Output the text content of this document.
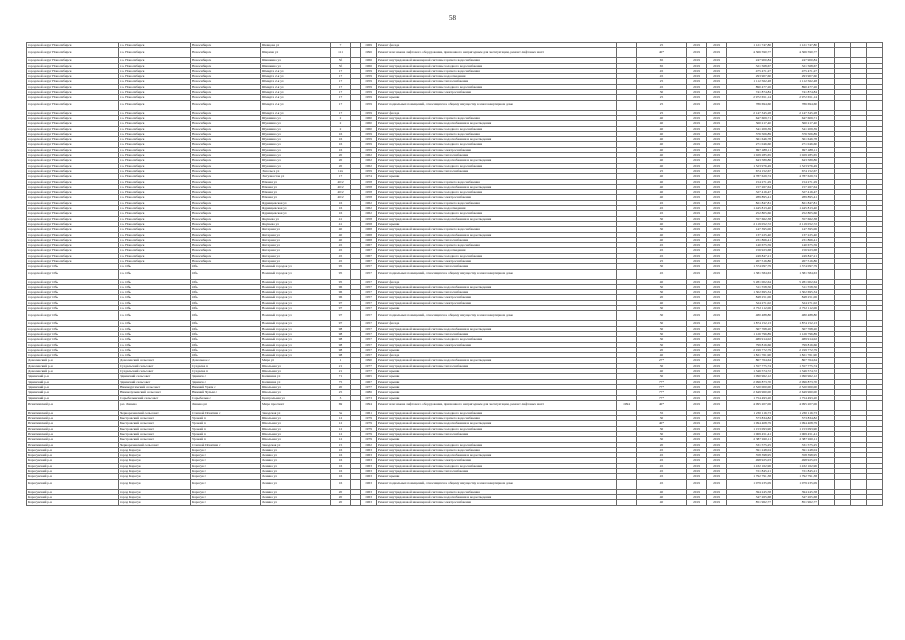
58
городской округ Новосибирск	г.о. Новосибирск	Новосибирск	Шевцова ул	7		1969	Ремонт фасада		25	2019	2019	1 121 747,80	1 121 747,80				
городской округ Новосибирск	г.о. Новосибирск	Новосибирск	Ширина ул	111		1996	Ремонт или замена лифтового оборудования, признанного непригодным для эксплуатации, ремонт лифтовых шахт		40*	2019	2019	4 366 590,77	4 366 590,77				
городской округ Новосибирск	г.о. Новосибирск	Новосибирск	Шишкина ул	5б		1966	Ремонт внутридомовой инженерной системы горячего водоснабжения		65	2019	2019	247 900,84	247 900,84				
городской округ Новосибирск	г.о. Новосибирск	Новосибирск	Шишкина ул	5б		1966	Ремонт внутридомовой инженерной системы холодного водоснабжения		65	2019	2019	321 568,67	321 568,67				
городской округ Новосибирск	г.о. Новосибирск	Новосибирск	Шмидта 2-я ул	17		1959	Ремонт внутридомовой инженерной системы горячего водоснабжения		45	2019	2019	475 471,27	475 471,27				
городской округ Новосибирск	г.о. Новосибирск	Новосибирск	Шмидта 2-я ул	17		1959	Ремонт внутридомовой инженерной системы водоотведения		45	2019	2019	293 907,60	293 907,60				
городской округ Новосибирск	г.о. Новосибирск	Новосибирск	Шмидта 2-я ул	17		1959	Ремонт внутридомовой инженерной системы теплоснабжения		25	2019	2019	1 112 562,48	1 112 562,48				
городской округ Новосибирск	г.о. Новосибирск	Новосибирск	Шмидта 2-я ул	17		1959	Ремонт внутридомовой инженерной системы холодного водоснабжения		45	2019	2019	890 477,26	890 477,26				
городской округ Новосибирск	г.о. Новосибирск	Новосибирск	Шмидта 2-я ул	17		1959	Ремонт внутридомовой инженерной системы электроснабжения		30	2019	2019	741 874,84	741 874,84				
городской округ Новосибирск	г.о. Новосибирск	Новосибирск	Шмидта 2-я ул	17		1959	Ремонт крыши		25	2019	2019	2 972 651,14	2 972 651,14				
городской округ Новосибирск	г.о. Новосибирск	Новосибирск	Шмидта 2-я ул	17		1959	Ремонт подвальных помещений, относящихся к общему имуществу в многоквартирном доме		25	2019	2019	786 694,60	786 694,60				
городской округ Новосибирск	г.о. Новосибирск	Новосибирск	Шмидта 2-я ул	17		1959	Ремонт фасада		25	2019	2019	2 147 345,28	2 147 345,28				
городской округ Новосибирск	г.о. Новосибирск	Новосибирск	Шукшина ул	2		1960	Ремонт внутридомовой инженерной системы горячего водоснабжения		40	2019	2019	647 609,71	647 609,71				
городской округ Новосибирск	г.о. Новосибирск	Новосибирск	Шукшина ул	2		1960	Ремонт внутридомовой инженерной системы водоснабжения и водоотведения		40	2019	2019	560 217,40	560 217,40				
городской округ Новосибирск	г.о. Новосибирск	Новосибирск	Шукшина ул	2		1960	Ремонт внутридомовой инженерной системы холодного водоснабжения		40	2019	2019	541 209,39	541 209,39				
городской округ Новосибирск	г.о. Новосибирск	Новосибирск	Шукшина ул	16		1959	Ремонт внутридомовой инженерной системы горячего водоснабжения		40	2019	2019	376 506,89	376 506,89				
городской округ Новосибирск	г.о. Новосибирск	Новосибирск	Шукшина ул	16		1959	Ремонт внутридомовой инженерной системы водоснабжения и водоотведения		40	2019	2019	361 646,78	361 646,78				
городской округ Новосибирск	г.о. Новосибирск	Новосибирск	Шукшина ул	16		1959	Ремонт внутридомовой инженерной системы холодного водоснабжения		40	2019	2019	271 046,60	271 046,60				
городской округ Новосибирск	г.о. Новосибирск	Новосибирск	Шукшина ул	16		1959	Ремонт внутридомовой инженерной системы электроснабжения		40	2019	2019	697 488,11	697 488,11				
городской округ Новосибирск	г.о. Новосибирск	Новосибирск	Шукшина ул	20		1962	Ремонт внутридомовой инженерной системы теплоснабжения		40	2019	2019	1 029 285,65	1 029 285,65				
городской округ Новосибирск	г.о. Новосибирск	Новосибирск	Шукшина ул	20		1962	Ремонт внутридомовой инженерной системы водоснабжения и водоотведения		40	2019	2019	643 589,86	643 589,86				
городской округ Новосибирск	г.о. Новосибирск	Новосибирск	Шукшина ул	20		1962	Ремонт внутридомовой инженерной системы холодного водоснабжения		40	2019	2019	1 523 976,49	1 523 976,49				
городской округ Новосибирск	г.о. Новосибирск	Новосибирск	Энгельса ул	12а		1959	Ремонт внутридомовой инженерной системы теплоснабжения		25	2019	2019	674 152,67	674 152,67				
городской округ Новосибирск	г.о. Новосибирск	Новосибирск	Энтузиастов ул	17		1974	Ремонт крыши		40	2019	2019	4 787 629,74	4 787 629,74				
городской округ Новосибирск	г.о. Новосибирск	Новосибирск	Южная ул	40/2		1958	Ремонт внутридомовой инженерной системы горячего водоснабжения		40	2019	2019	154 271,29	154 271,29				
городской округ Новосибирск	г.о. Новосибирск	Новосибирск	Южная ул	40/2		1958	Ремонт внутридомовой инженерной системы водоснабжения и водоотведения		40	2019	2019	157 267,64	157 267,64				
городской округ Новосибирск	г.о. Новосибирск	Новосибирск	Южная ул	40/2		1958	Ремонт внутридомовой инженерной системы холодного водоснабжения		40	2019	2019	327 416,47	327 416,47				
городской округ Новосибирск	г.о. Новосибирск	Новосибирск	Южная ул	40/2		1958	Ремонт внутридомовой инженерной системы электроснабжения		40	2019	2019	289 895,41	289 895,41				
городской округ Новосибирск	г.о. Новосибирск	Новосибирск	Ядринцевская ул	16		1962	Ремонт внутридомовой инженерной системы горячего водоснабжения		45	2019	2019	821 847,81	821 847,81				
городской округ Новосибирск	г.о. Новосибирск	Новосибирск	Ядринцевская ул	16		1962	Ремонт внутридомовой инженерной системы водоотведения		45	2019	2019	1 445 813,40	1 445 813,40				
городской округ Новосибирск	г.о. Новосибирск	Новосибирск	Ядринцевская ул	16		1962	Ремонт внутридомовой инженерной системы холодного водоснабжения		45	2019	2019	252 805,66	252 805,66				
городской округ Новосибирск	г.о. Новосибирск	Новосибирск	Якушева ул	41		1958	Ремонт внутридомовой инженерной системы водоснабжения и водоотведения		30	2019	2019	357 662,38	357 662,38				
городской округ Новосибирск	г.о. Новосибирск	Новосибирск	Якушева ул	41		1958	Ремонт крыши		40	2019	2019	2 119 052,72	2 119 052,72				
городской округ Новосибирск	г.о. Новосибирск	Новосибирск	Янтарная ул	40		1968	Ремонт внутридомовой инженерной системы горячего водоснабжения		30	2019	2019	147 395,06	147 395,06				
городской округ Новосибирск	г.о. Новосибирск	Новосибирск	Янтарная ул	40		1968	Ремонт внутридомовой инженерной системы водоснабжения и водоотведения		40	2019	2019	137 225,40	137 225,40				
городской округ Новосибирск	г.о. Новосибирск	Новосибирск	Янтарная ул	40		1968	Ремонт внутридомовой инженерной системы теплоснабжения		40	2019	2019	231 866,41	231 866,41				
городской округ Новосибирск	г.о. Новосибирск	Новосибирск	Янтарная ул	45		1967	Ремонт внутридомовой инженерной системы горячего водоснабжения		45	2019	2019	140 675,59	140 675,59				
городской округ Новосибирск	г.о. Новосибирск	Новосибирск	Янтарная ул	45		1967	Ремонт внутридомовой инженерной системы водоотведения		45	2019	2019	156 923,68	156 923,68				
городской округ Новосибирск	г.о. Новосибирск	Новосибирск	Янтарная ул	45		1967	Ремонт внутридомовой инженерной системы холодного водоснабжения		45	2019	2019	249 847,21	249 847,21				
городской округ Новосибирск	г.о. Новосибирск	Новосибирск	Янтарная ул	45		1967	Ремонт внутридомовой инженерной системы электроснабжения		25	2019	2019	267 516,86	267 516,86				
городской округ Обь	г.о. Обь	Обь	Военный городок ул	95		1957	Ремонт внутридомовой инженерной системы теплоснабжения		30	2019	2019	1 374 097,79	1 374 097,79				
городской округ Обь	г.о. Обь	Обь	Военный городок ул	95		1957	Ремонт подвальных помещений, относящихся к общему имуществу в многоквартирном доме		45	2019	2019	1 381 584,63	1 381 584,63				
городской округ Обь	г.о. Обь	Обь	Военный городок ул	95		1957	Ремонт фасада		40	2019	2019	5 281 002,64	5 281 002,64				
городской округ Обь	г.о. Обь	Обь	Военный городок ул	96		1957	Ремонт внутридомовой инженерной системы водоснабжения и водоотведения		50	2019	2019	511 558,56	511 558,56				
городской округ Обь	г.о. Обь	Обь	Военный городок ул	96		1957	Ремонт внутридомовой инженерной системы теплоснабжения		30	2019	2019	1 302 695,34	1 302 695,34				
городской округ Обь	г.о. Обь	Обь	Военный городок ул	96		1957	Ремонт внутридомовой инженерной системы электроснабжения		20	2019	2019	848 251,06	848 251,06				
городской округ Обь	г.о. Обь	Обь	Военный городок ул	97		1957	Ремонт внутридомовой инженерной системы электроснабжения		40	2019	2019	524 271,02	524 271,02				
городской округ Обь	г.о. Обь	Обь	Военный городок ул	97		1957	Ремонт крыши		30	2019	2019	2 752 112,06	2 752 112,06				
городской округ Обь	г.о. Обь	Обь	Военный городок ул	97		1957	Ремонт подвальных помещений, относящихся к общему имуществу в многоквартирном доме		30	2019	2019	480 488,80	480 488,80				
городской округ Обь	г.о. Обь	Обь	Военный городок ул	97		1957	Ремонт фасада		30	2019	2019	1 874 152,13	1 874 152,13				
городской округ Обь	г.о. Обь	Обь	Военный городок ул	98		1957	Ремонт внутридомовой инженерной системы водоснабжения и водоотведения		30	2019	2019	367 768,20	367 768,20				
городской округ Обь	г.о. Обь	Обь	Военный городок ул	98		1957	Ремонт внутридомовой инженерной системы теплоснабжения		30	2019	2019	1 126 796,89	1 126 796,89				
городской округ Обь	г.о. Обь	Обь	Военный городок ул	98		1957	Ремонт внутридомовой инженерной системы холодного водоснабжения		30	2019	2019	489 914,02	489 914,02				
городской округ Обь	г.о. Обь	Обь	Военный городок ул	98		1957	Ремонт внутридомовой инженерной системы электроснабжения		30	2019	2019	799 816,66	799 816,66				
городской округ Обь	г.о. Обь	Обь	Военный городок ул	98		1957	Ремонт крыши		20	2019	2019	2 199 772,79	2 199 772,79				
городской округ Обь	г.о. Обь	Обь	Военный городок ул	98		1957	Ремонт фасада		40	2019	2019	1 821 761,90	1 821 761,90				
Доволенский р-н	Доволенский сельсовет	Довольное с	Мира ул	1		1990	Ремонт внутридомовой инженерной системы водоснабжения и водоотведения		27*	2019	2019	867 764,64	867 764,64				
Доволенский р-н	Суздальский сельсовет	Суздалка п	Школьная ул	21		1977	Ремонт внутридомовой инженерной системы теплоснабжения		30	2019	2019	1 557 775,74	1 557 775,74				
Доволенский р-н	Суздальский сельсовет	Суздалка п	Школьная ул	21		1977	Ремонт крыши		40	2019	2019	1 346 574,72	1 346 574,72				
Здвинский р-н	Здвинский сельсовет	Здвинск с	Калинина ул	71		1965	Ремонт крыши		30	2019	2019	1 090 962,12	1 090 962,12				
Здвинский р-н	Здвинский сельсовет	Здвинск с	Калинина ул	75		1967	Ремонт крыши		77*	2019	2019	2 096 873,70	2 096 873,70				
Здвинский р-н	Нижнеуртамский сельсовет	Нижний Урюм с	Школьная ул	20		1977	Ремонт крыши		77*	2019	2019	2 520 000,00	2 520 000,00				
Здвинский р-н	Нижнечулымский сельсовет	Нижний Чулым с	Школьная ул	25		1986	Ремонт крыши		77*	2019	2019	2 649 960,00	2 649 960,00				
Здвинский р-н	Сарыбалыкский сельсовет	Сарыбалык с	Центральная ул	3		1973	Ремонт крыши		77*	2019	2019	1 754 493,20	1 754 493,20				
Искитимский р-н	р.п. Линево	Линево рп	Мира проспект	69		1994	Ремонт или замена лифтового оборудования, признанного непригодным для эксплуатации, ремонт лифтовых шахт	1994	40*	2019	2019	4 095 207,06	4 095 207,06				
Искитимский р-н	Чернореченский сельсовет	Степной Искитим с	Заводская ул	3а		1961	Ремонт внутридомовой инженерной системы холодного водоснабжения		35	2019	2019	1 230 116,73	1 230 116,73				
Искитимский р-н	Быстровский сельсовет	Урожай п	Школьная ул	12		1979	Ремонт внутридомовой инженерной системы горячего водоснабжения		30	2019	2019	573 834,82	573 834,82				
Искитимский р-н	Быстровский сельсовет	Урожай п	Школьная ул	12		1979	Ремонт внутридомовой инженерной системы водоснабжения и водоотведения		40*	2019	2019	1 094 408,79	1 094 408,79				
Искитимский р-н	Быстровский сельсовет	Урожай п	Школьная ул	12		1979	Ремонт внутридомовой инженерной системы холодного водоснабжения		30	2019	2019	1 153 093,90	1 153 093,90				
Искитимский р-н	Быстровский сельсовет	Урожай п	Школьная ул	12		1979	Ремонт внутридомовой инженерной системы теплоснабжения		30	2019	2019	1 069 451,41	1 069 451,41				
Искитимский р-н	Быстровский сельсовет	Урожай п	Школьная ул	12		1979	Ремонт крыши		30	2019	2019	2 387 920,11	2 387 920,11				
Искитимский р-н	Чернореченский сельсовет	Степной Искитим с	Заводская ул	15		1962	Ремонт внутридомовой инженерной системы холодного водоснабжения		20	2019	2019	331 575,25	331 575,25				
Карасукский р-н	город Карасук	Карасук г	Ленина ул	16		1963	Ремонт внутридомовой инженерной системы горячего водоснабжения		45	2019	2019	391 248,04	391 248,04				
Карасукский р-н	город Карасук	Карасук г	Ленина ул	16		1963	Ремонт внутридомовой инженерной системы водоснабжения и водоотведения		45	2019	2019	358 398,95	358 398,95				
Карасукский р-н	город Карасук	Карасук г	Ленина ул	16		1963	Ремонт внутридомовой инженерной системы электроснабжения		45	2019	2019	498 925,03	498 925,03				
Карасукский р-н	город Карасук	Карасук г	Ленина ул	16		1963	Ремонт внутридомовой инженерной системы холодного водоснабжения		45	2019	2019	1 432 162,96	1 432 162,96				
Карасукский р-н	город Карасук	Карасук г	Ленина ул	16		1963	Ремонт внутридомовой инженерной системы теплоснабжения		45	2019	2019	721 845,21	721 845,21				
Карасукский р-н	город Карасук	Карасук г	Ленина ул	16		1963	Ремонт крыши		45	2019	2019	1 792 791,38	1 792 791,38				
Карасукский р-н	город Карасук	Карасук г	Ленина ул	16		1963	Ремонт подвальных помещений, относящихся к общему имуществу в многоквартирном доме		45	2019	2019	1 079 235,09	1 079 235,09				
Карасукский р-н	город Карасук	Карасук г	Ленина ул	20		1963	Ремонт внутридомовой инженерной системы горячего водоснабжения		40	2019	2019	394 245,58	394 245,58				
Карасукский р-н	город Карасук	Карасук г	Ленина ул	20		1963	Ремонт внутридомовой инженерной системы водоснабжения и водоотведения		40	2019	2019	347 265,68	347 265,68				
Карасукский р-н	город Карасук	Карасук г	Ленина ул	20		1963	Ремонт внутридомовой инженерной системы электроснабжения		40	2019	2019	851 962,77	851 962,77				
